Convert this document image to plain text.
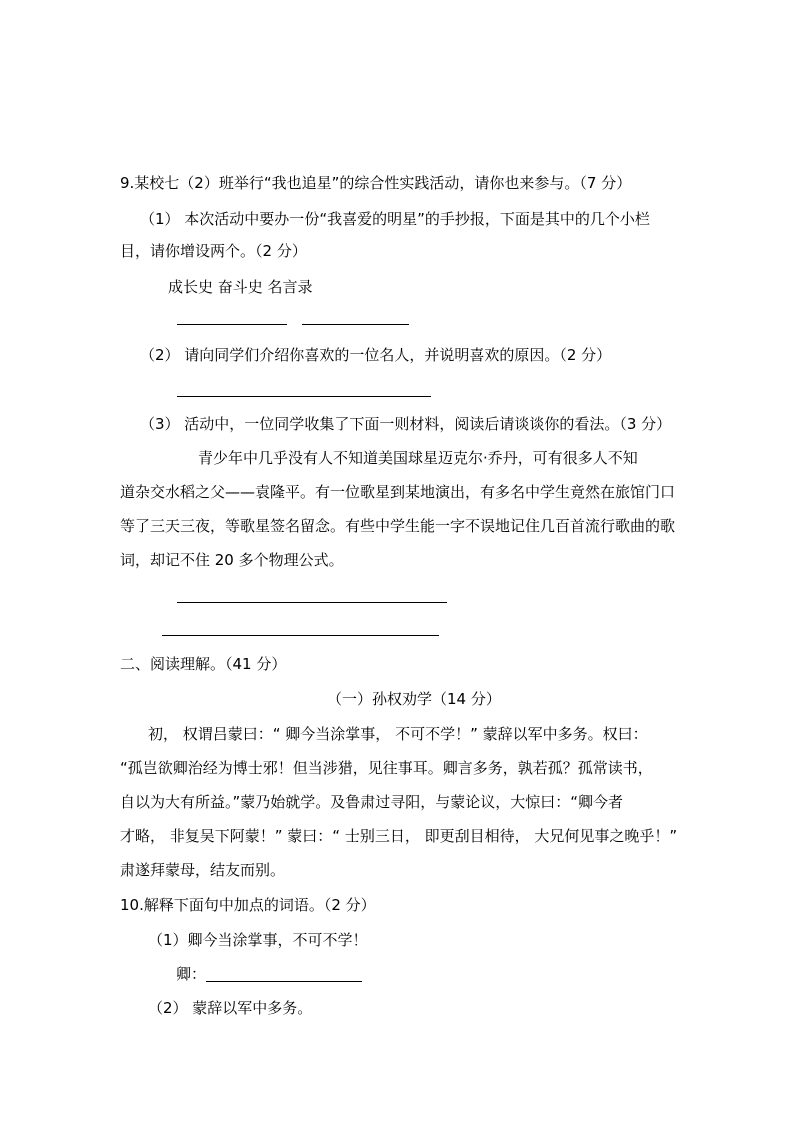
9.某校七（2）班举行“我也追星”的综合性实践活动，请你也来参与。（7 分）
（1） 本次活动中要办一份“我喜爱的明星”的手抄报，下面是其中的几个小栏
目，请你增设两个。（2 分）
成长史 奋斗史 名言录
（2） 请向同学们介绍你喜欢的一位名人，并说明喜欢的原因。（2 分）
（3） 活动中，一位同学收集了下面一则材料，阅读后请谈谈你的看法。（3 分）
青少年中几乎没有人不知道美国球星迈克尔·乔丹，可有很多人不知
道杂交水稻之父——袁隆平。有一位歌星到某地演出，有多名中学生竟然在旅馆门口
等了三天三夜，等歌星签名留念。有些中学生能一字不误地记住几百首流行歌曲的歌
词，却记不住 20 多个物理公式。
二、阅读理解。（41 分）
（一）孙权劝学（14 分）
初， 权谓吕蒙曰：“ 卿今当涂掌事， 不可不学！” 蒙辞以军中多务。权曰：
“孤岂欲卿治经为博士邪！但当涉猎，见往事耳。卿言多务，孰若孤？孤常读书，
自以为大有所益。”蒙乃始就学。及鲁肃过寻阳，与蒙论议，大惊曰：“卿今者
才略， 非复吴下阿蒙！” 蒙曰：“ 士别三日， 即更刮目相待， 大兄何见事之晚乎！”
肃遂拜蒙母，结友而别。
10.解释下面句中加点的词语。（2 分）
（1）卿今当涂掌事，不可不学！
卿：
（2） 蒙辞以军中多务。
